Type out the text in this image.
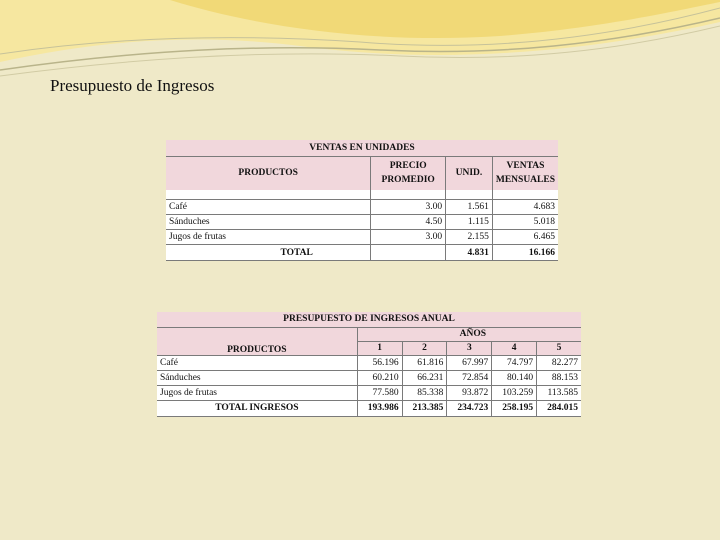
Presupuesto de Ingresos
VENTAS EN UNIDADES			
PRODUCTOS	PRECIO PROMEDIO	UNID.	VENTAS MENSUALES

Café	3.00	1.561	4.683
Sánduches	4.50	1.115	5.018
Jugos de frutas	3.00	2.155	6.465
TOTAL		4.831	16.166
PRESUPUESTO DE INGRESOS ANUAL					
PRODUCTOS	AÑOS				
	1	2	3	4	5
Café	56.196	61.816	67.997	74.797	82.277
Sánduches	60.210	66.231	72.854	80.140	88.153
Jugos de frutas	77.580	85.338	93.872	103.259	113.585
TOTAL INGRESOS	193.986	213.385	234.723	258.195	284.015
